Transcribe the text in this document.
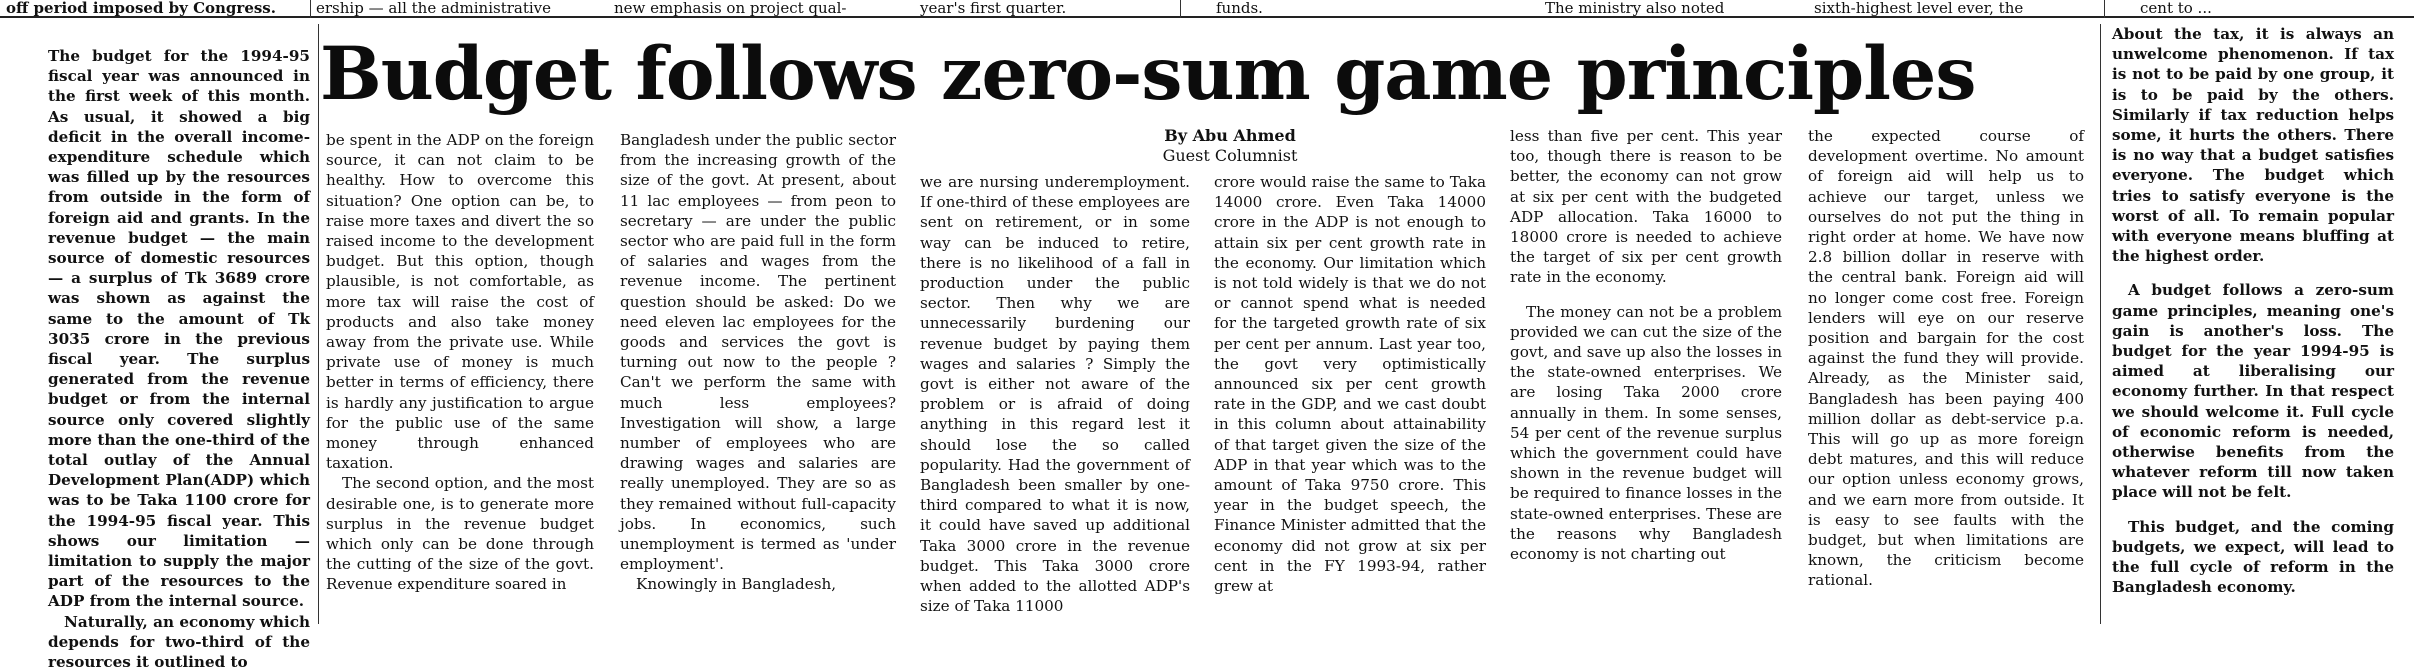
off period imposed by Congress.	ership — all the administrative	new emphasis on project qual-	year's first quarter.	funds.	The ministry also noted	sixth-highest level ever, the	cent to ...
Budget follows zero-sum game principles
By Abu Ahmed
Guest Columnist

The budget for the 1994-95 fiscal year was announced in the first week of this month. As usual, it showed a big deficit in the overall income-expenditure schedule which was filled up by the resources from outside in the form of foreign aid and grants. In the revenue budget — the main source of domestic resources — a surplus of Tk 3689 crore was shown as against the same to the amount of Tk 3035 crore in the previous fiscal year. The surplus generated from the revenue budget or from the internal source only covered slightly more than the one-third of the total outlay of the Annual Development Plan(ADP) which was to be Taka 1100 crore for the 1994-95 fiscal year. This shows our limitation — limitation to supply the major part of the resources to the ADP from the internal source.

Naturally, an economy which depends for two-third of the resources it outlined to

be spent in the ADP on the foreign source, it can not claim to be healthy. How to overcome this situation? One option can be, to raise more taxes and divert the so raised income to the development budget. But this option, though plausible, is not comfortable, as more tax will raise the cost of products and also take money away from the private use. While private use of money is much better in terms of efficiency, there is hardly any justification to argue for the public use of the same money through enhanced taxation.

The second option, and the most desirable one, is to generate more surplus in the revenue budget which only can be done through the cutting of the size of the govt. Revenue expenditure soared in

Bangladesh under the public sector from the increasing growth of the size of the govt. At present, about 11 lac employees — from peon to secretary — are under the public sector who are paid full in the form of salaries and wages from the revenue income. The pertinent question should be asked: Do we need eleven lac employees for the goods and services the govt is turning out now to the people ? Can't we perform the same with much less employees? Investigation will show, a large number of employees who are drawing wages and salaries are really unemployed. They are so as they remained without full-capacity jobs. In economics, such unemployment is termed as 'under employment'.

Knowingly in Bangladesh,

we are nursing underemployment. If one-third of these employees are sent on retirement, or in some way can be induced to retire, there is no likelihood of a fall in production under the public sector. Then why we are unnecessarily burdening our revenue budget by paying them wages and salaries ? Simply the govt is either not aware of the problem or is afraid of doing anything in this regard lest it should lose the so called popularity. Had the government of Bangladesh been smaller by one-third compared to what it is now, it could have saved up additional Taka 3000 crore in the revenue budget. This Taka 3000 crore when added to the allotted ADP's size of Taka 11000

crore would raise the same to Taka 14000 crore. Even Taka 14000 crore in the ADP is not enough to attain six per cent growth rate in the economy. Our limitation which is not told widely is that we do not or cannot spend what is needed for the targeted growth rate of six per cent per annum. Last year too, the govt very optimistically announced six per cent growth rate in the GDP, and we cast doubt in this column about attainability of that target given the size of the ADP in that year which was to the amount of Taka 9750 crore. This year in the budget speech, the Finance Minister admitted that the economy did not grow at six per cent in the FY 1993-94, rather grew at

less than five per cent. This year too, though there is reason to be better, the economy can not grow at six per cent with the budgeted ADP allocation. Taka 16000 to 18000 crore is needed to achieve the target of six per cent growth rate in the economy.

The money can not be a problem provided we can cut the size of the govt, and save up also the losses in the state-owned enterprises. We are losing Taka 2000 crore annually in them. In some senses, 54 per cent of the revenue surplus which the government could have shown in the revenue budget will be required to finance losses in the state-owned enterprises. These are the reasons why Bangladesh economy is not charting out

the expected course of development overtime. No amount of foreign aid will help us to achieve our target, unless we ourselves do not put the thing in right order at home. We have now 2.8 billion dollar in reserve with the central bank. Foreign aid will no longer come cost free. Foreign lenders will eye on our reserve position and bargain for the cost against the fund they will provide. Already, as the Minister said, Bangladesh has been paying 400 million dollar as debt-service p.a. This will go up as more foreign debt matures, and this will reduce our option unless economy grows, and we earn more from outside. It is easy to see faults with the budget, but when limitations are known, the criticism become rational.

About the tax, it is always an unwelcome phenomenon. If tax is not to be paid by one group, it is to be paid by the others. Similarly if tax reduction helps some, it hurts the others. There is no way that a budget satisfies everyone. The budget which tries to satisfy everyone is the worst of all. To remain popular with everyone means bluffing at the highest order.

A budget follows a zero-sum game principles, meaning one's gain is another's loss. The budget for the year 1994-95 is aimed at liberalising our economy further. In that respect we should welcome it. Full cycle of economic reform is needed, otherwise benefits from the whatever reform till now taken place will not be felt.

This budget, and the coming budgets, we expect, will lead to the full cycle of reform in the Bangladesh economy.
